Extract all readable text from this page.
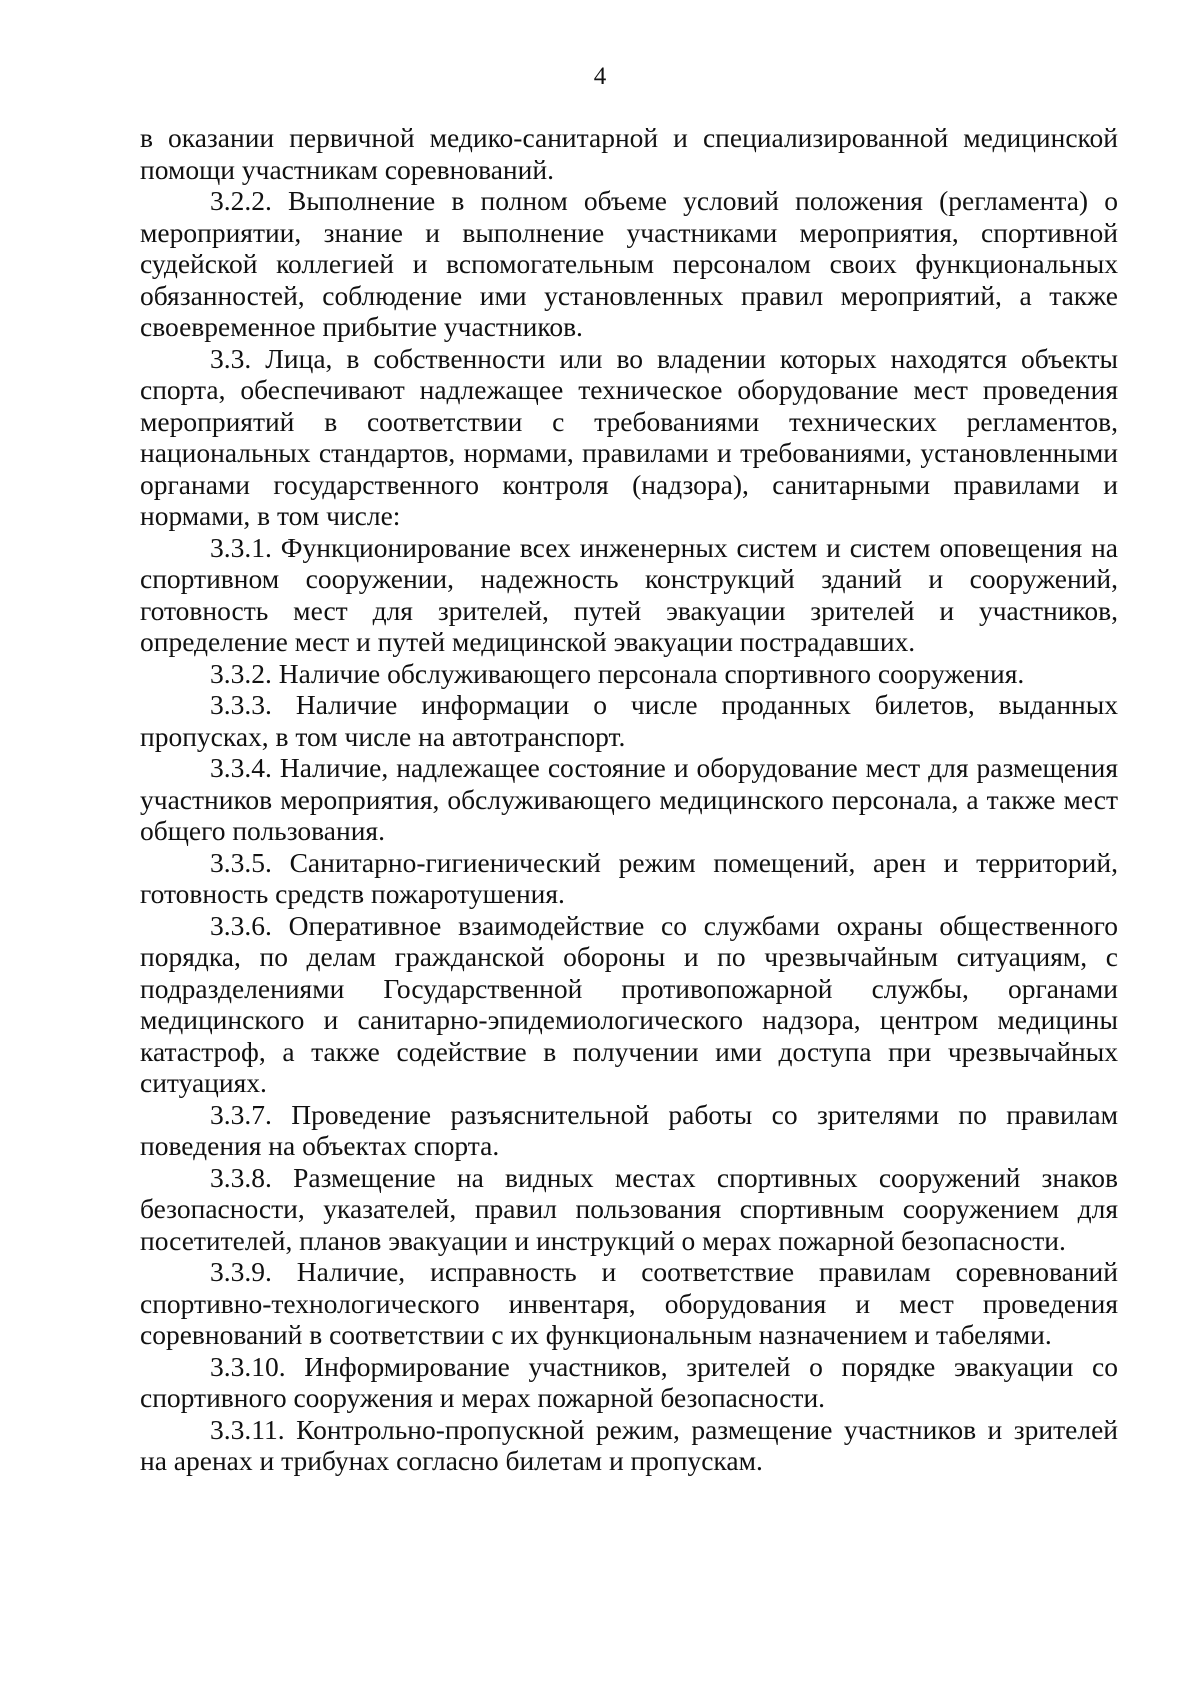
4

в оказании первичной медико-санитарной и специализированной медицинской помощи участникам соревнований.

3.2.2. Выполнение в полном объеме условий положения (регламента) о мероприятии, знание и выполнение участниками мероприятия, спортивной судейской коллегией и вспомогательным персоналом своих функциональных обязанностей, соблюдение ими установленных правил мероприятий, а также своевременное прибытие участников.

3.3. Лица, в собственности или во владении которых находятся объекты спорта, обеспечивают надлежащее техническое оборудование мест проведения мероприятий в соответствии с требованиями технических регламентов, национальных стандартов, нормами, правилами и требованиями, установленными органами государственного контроля (надзора), санитарными правилами и нормами, в том числе:

3.3.1. Функционирование всех инженерных систем и систем оповещения на спортивном сооружении, надежность конструкций зданий и сооружений, готовность мест для зрителей, путей эвакуации зрителей и участников, определение мест и путей медицинской эвакуации пострадавших.

3.3.2. Наличие обслуживающего персонала спортивного сооружения.

3.3.3. Наличие информации о числе проданных билетов, выданных пропусках, в том числе на автотранспорт.

3.3.4. Наличие, надлежащее состояние и оборудование мест для размещения участников мероприятия, обслуживающего медицинского персонала, а также мест общего пользования.

3.3.5. Санитарно-гигиенический режим помещений, арен и территорий, готовность средств пожаротушения.

3.3.6. Оперативное взаимодействие со службами охраны общественного порядка, по делам гражданской обороны и по чрезвычайным ситуациям, с подразделениями Государственной противопожарной службы, органами медицинского и санитарно-эпидемиологического надзора, центром медицины катастроф, а также содействие в получении ими доступа при чрезвычайных ситуациях.

3.3.7. Проведение разъяснительной работы со зрителями по правилам поведения на объектах спорта.

3.3.8. Размещение на видных местах спортивных сооружений знаков безопасности, указателей, правил пользования спортивным сооружением для посетителей, планов эвакуации и инструкций о мерах пожарной безопасности.

3.3.9. Наличие, исправность и соответствие правилам соревнований спортивно-технологического инвентаря, оборудования и мест проведения соревнований в соответствии с их функциональным назначением и табелями.

3.3.10. Информирование участников, зрителей о порядке эвакуации со спортивного сооружения и мерах пожарной безопасности.

3.3.11. Контрольно-пропускной режим, размещение участников и зрителей на аренах и трибунах согласно билетам и пропускам.
